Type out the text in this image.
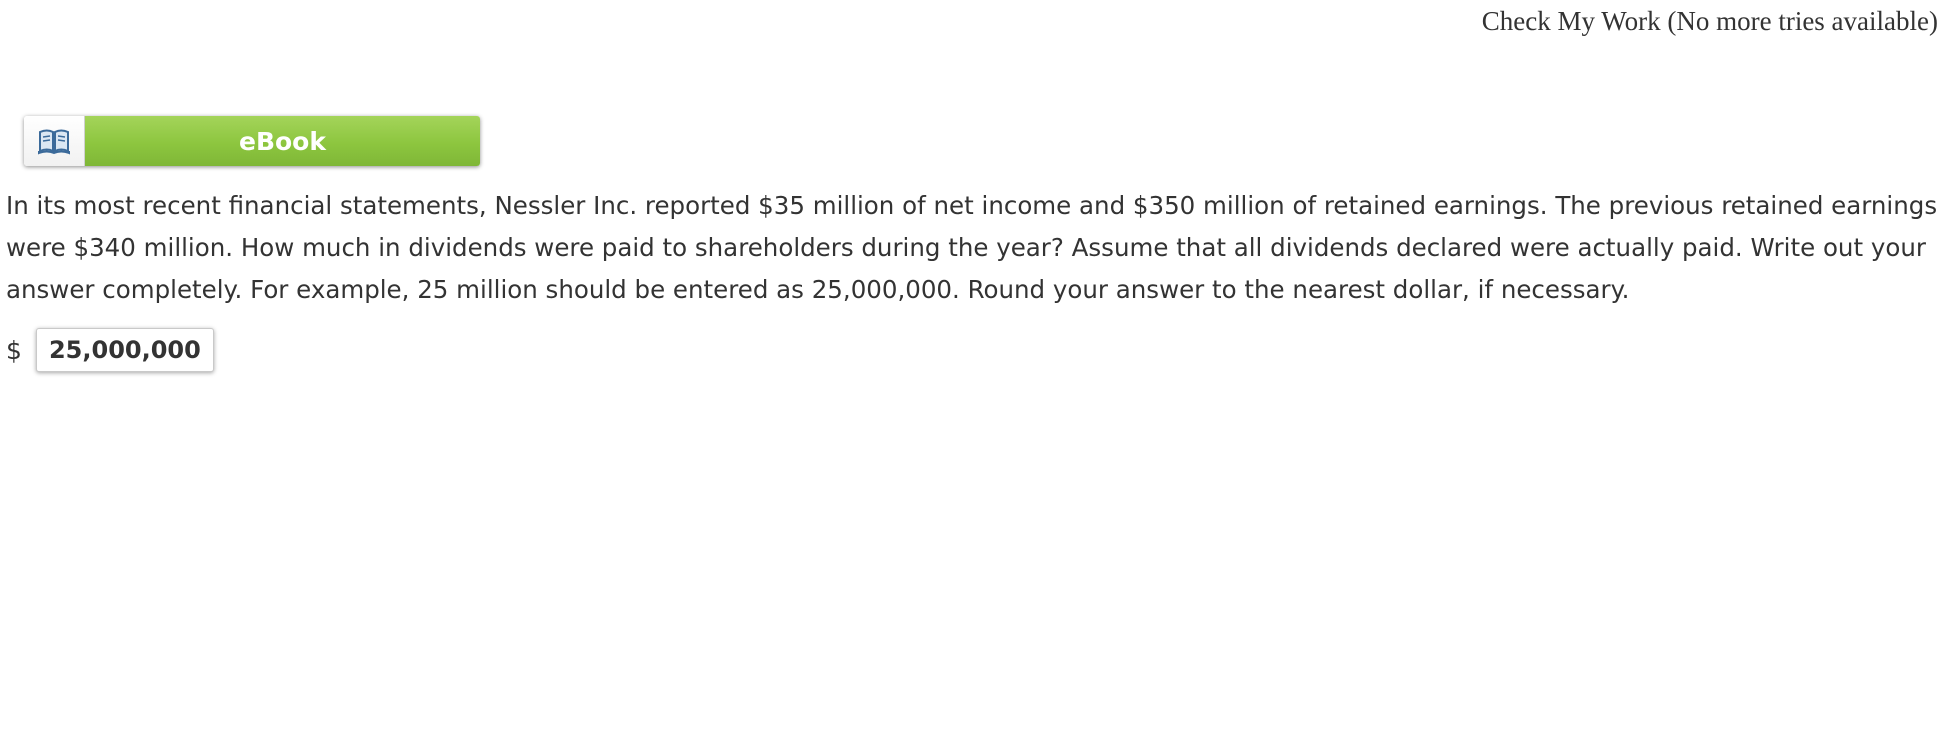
Check My Work (No more tries available)
eBook
In its most recent financial statements, Nessler Inc. reported $35 million of net income and $350 million of retained earnings. The previous retained earnings were $340 million. How much in dividends were paid to shareholders during the year? Assume that all dividends declared were actually paid. Write out your answer completely. For example, 25 million should be entered as 25,000,000. Round your answer to the nearest dollar, if necessary.
$	25,000,000
